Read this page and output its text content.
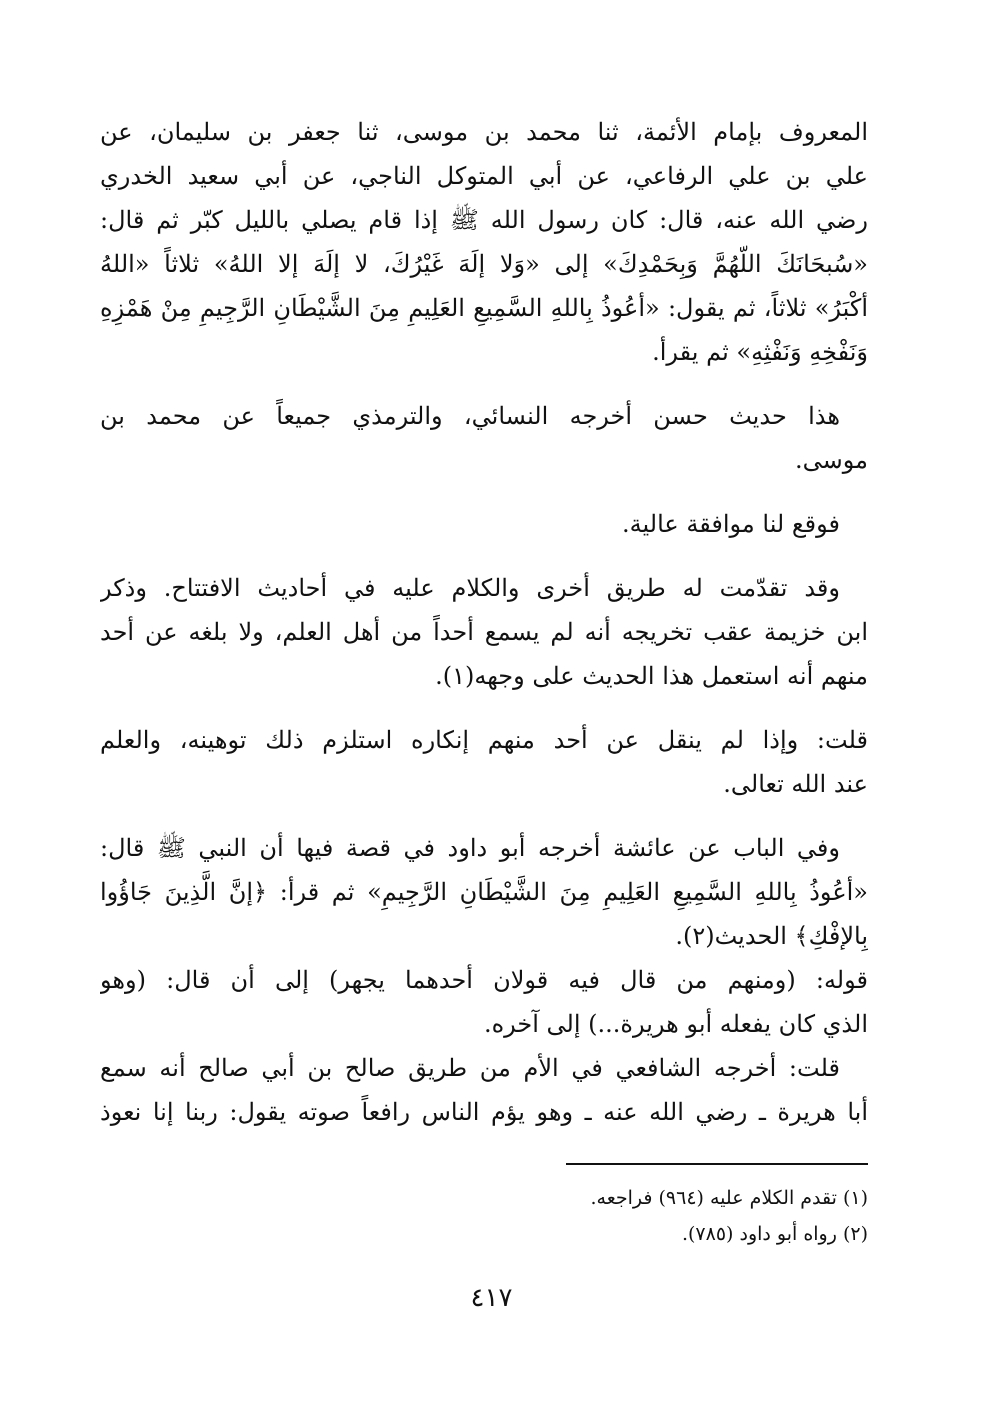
المعروف بإمام الأئمة، ثنا محمد بن موسى، ثنا جعفر بن سليمان، عن
علي بن علي الرفاعي، عن أبي المتوكل الناجي، عن أبي سعيد الخدري
رضي الله عنه، قال: كان رسول الله ﷺ إذا قام يصلي بالليل كبّر ثم قال:
«سُبحَانَكَ اللّهُمَّ وَبِحَمْدِكَ» إلى «وَلا إلَهَ غَيْرُكَ، لا إلَهَ إلا اللهُ» ثلاثاً «اللهُ
أكْبَرُ» ثلاثاً، ثم يقول: «أعُوذُ بِاللهِ السَّمِيعِ العَلِيمِ مِنَ الشَّيْطَانِ الرَّجِيمِ مِنْ هَمْزِهِ
وَنَفْخِهِ وَنَفْثِهِ» ثم يقرأ.
هذا حديث حسن أخرجه النسائي، والترمذي جميعاً عن محمد بن
موسى.
فوقع لنا موافقة عالية.
وقد تقدّمت له طريق أخرى والكلام عليه في أحاديث الافتتاح. وذكر
ابن خزيمة عقب تخريجه أنه لم يسمع أحداً من أهل العلم، ولا بلغه عن أحد
منهم أنه استعمل هذا الحديث على وجهه(١).
قلت: وإذا لم ينقل عن أحد منهم إنكاره استلزم ذلك توهينه، والعلم
عند الله تعالى.
وفي الباب عن عائشة أخرجه أبو داود في قصة فيها أن النبي ﷺ قال:
«أعُوذُ بِاللهِ السَّمِيعِ العَلِيمِ مِنَ الشَّيْطَانِ الرَّجِيمِ» ثم قرأ: ﴿إنَّ الَّذِينَ جَاؤُوا
بِالإفْكِ﴾ الحديث(٢).
قوله: (ومنهم من قال فيه قولان أحدهما يجهر) إلى أن قال: (وهو
الذي كان يفعله أبو هريرة...) إلى آخره.
قلت: أخرجه الشافعي في الأم من طريق صالح بن أبي صالح أنه سمع
أبا هريرة ـ رضي الله عنه ـ وهو يؤم الناس رافعاً صوته يقول: ربنا إنا نعوذ
(١) تقدم الكلام عليه (٩٦٤) فراجعه.
(٢) رواه أبو داود (٧٨٥).
٤١٧
